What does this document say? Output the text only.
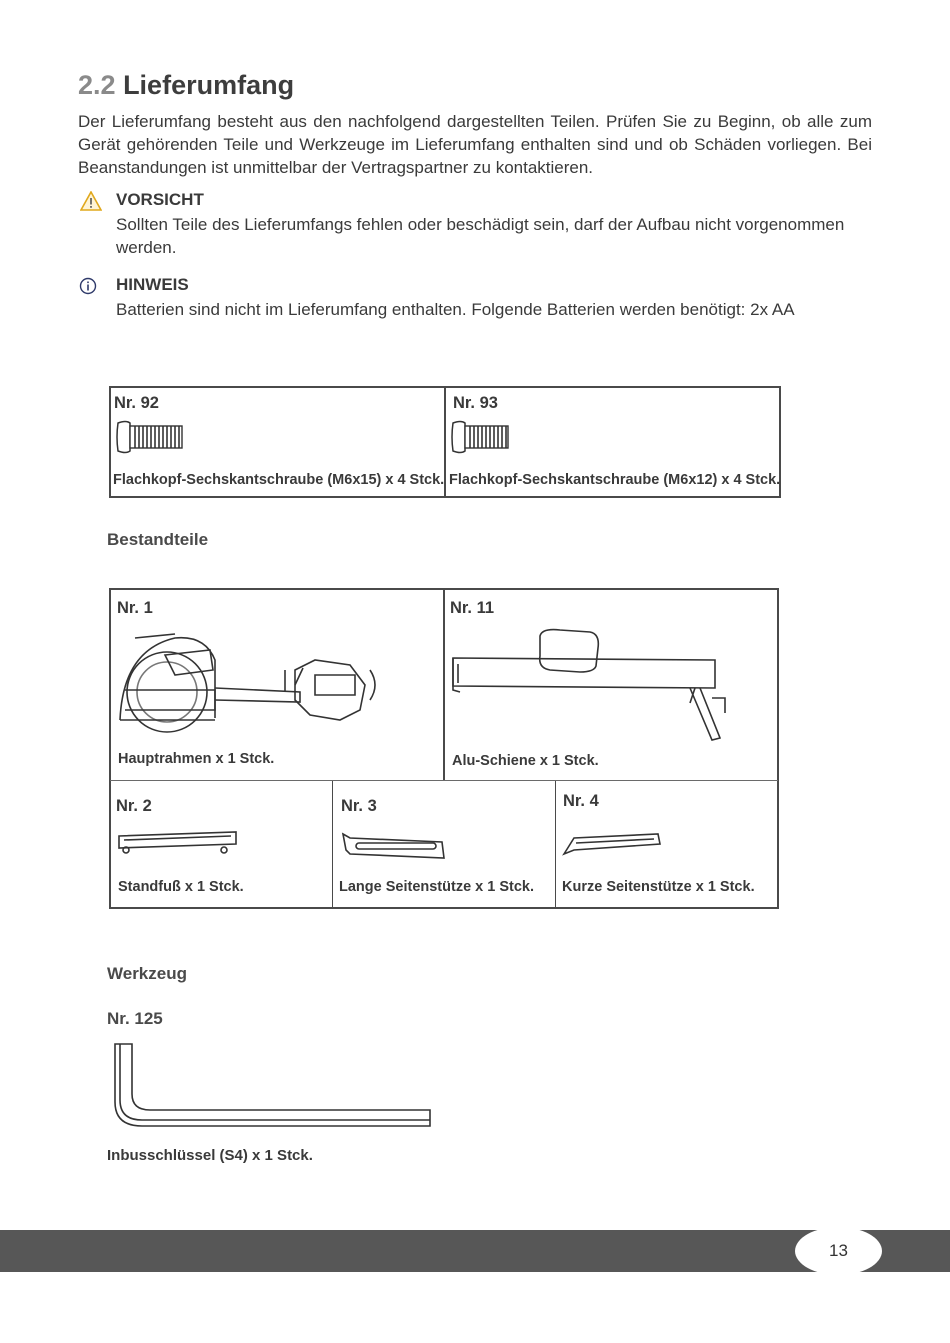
2.2 Lieferumfang
Der Lieferumfang besteht aus den nachfolgend dargestellten Teilen. Prüfen Sie zu Beginn, ob alle zum Gerät gehörenden Teile und Werkzeuge im Lieferumfang enthalten sind und ob Schäden vorliegen. Bei Beanstandungen ist unmittelbar der Vertragspartner zu kontaktieren.
VORSICHT
Sollten Teile des Lieferumfangs fehlen oder beschädigt sein, darf der Aufbau nicht vorgenommen werden.
HINWEIS
Batterien sind nicht im Lieferumfang enthalten. Folgende Batterien werden benötigt: 2x AA
Nr. 92
Flachkopf-Sechskantschraube (M6x15) x 4 Stck.
Nr. 93
Flachkopf-Sechskantschraube (M6x12) x 4 Stck.
Bestandteile
Nr. 1
Hauptrahmen x 1 Stck.
Nr. 11
Alu-Schiene x 1 Stck.
Nr. 2
Standfuß x 1 Stck.
Nr. 3
Lange Seitenstütze x 1 Stck.
Nr. 4
Kurze Seitenstütze x 1 Stck.
Werkzeug
Nr. 125
Inbusschlüssel (S4) x 1 Stck.
13
